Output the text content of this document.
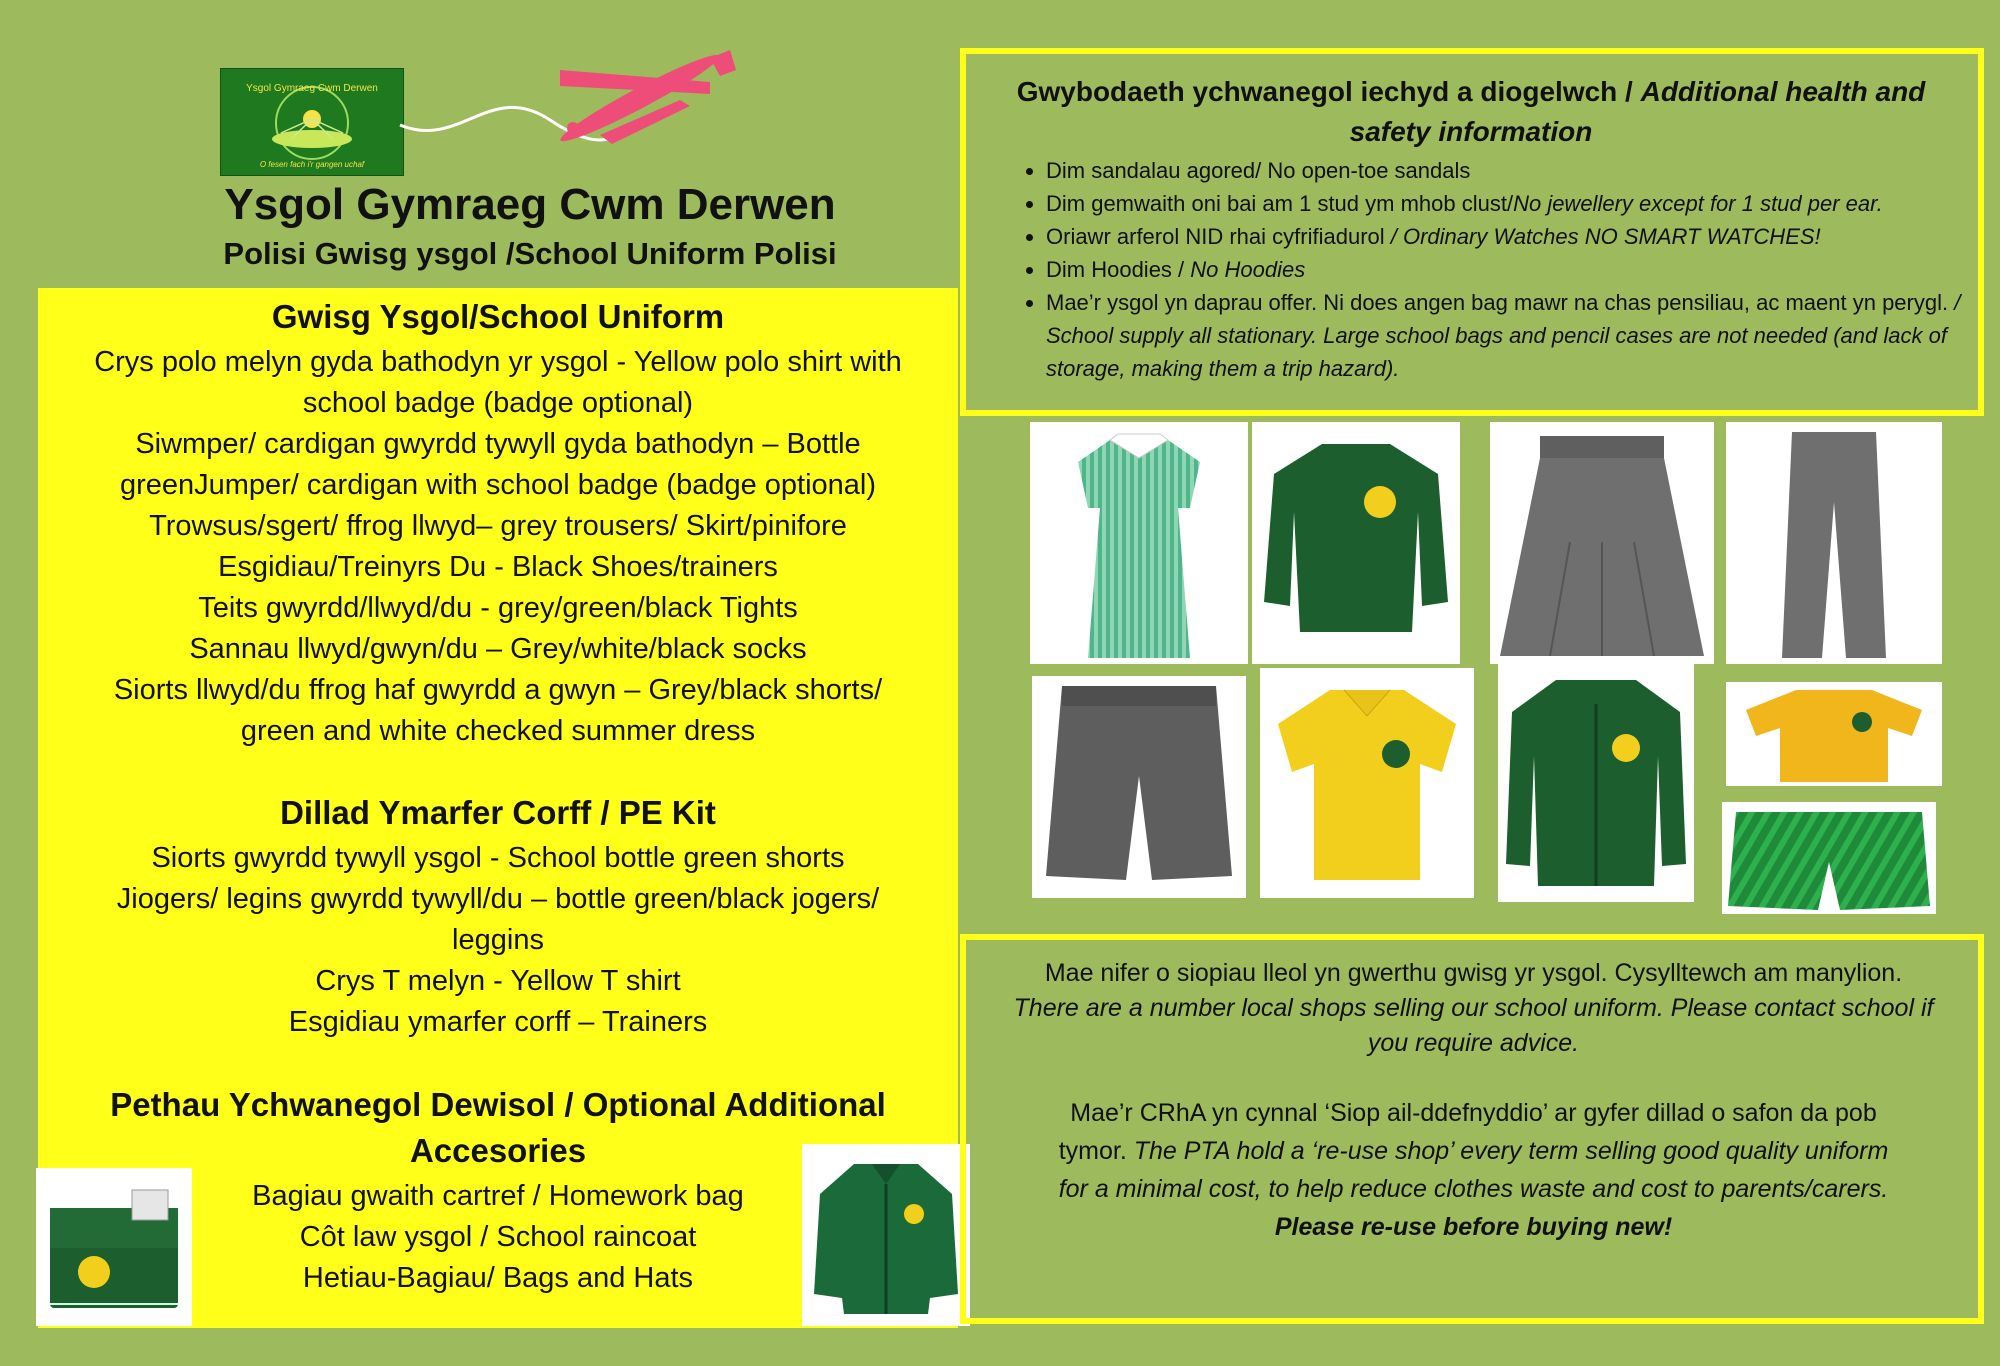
Ysgol Gymraeg Cwm Derwen
O fesen fach i'r gangen uchaf
Ysgol Gymraeg Cwm Derwen
Polisi Gwisg ysgol /School Uniform Polisi
Gwisg Ysgol/School Uniform
Crys polo melyn gyda bathodyn yr ysgol - Yellow polo shirt with
school badge (badge optional)
Siwmper/ cardigan gwyrdd tywyll gyda bathodyn – Bottle
greenJumper/ cardigan with school badge (badge optional)
Trowsus/sgert/ ffrog llwyd– grey trousers/ Skirt/pinifore
Esgidiau/Treinyrs Du - Black Shoes/trainers
Teits gwyrdd/llwyd/du - grey/green/black Tights
Sannau llwyd/gwyn/du – Grey/white/black socks
Siorts llwyd/du ffrog haf gwyrdd a gwyn – Grey/black shorts/
green and white checked summer dress
Dillad Ymarfer Corff / PE Kit
Siorts gwyrdd tywyll ysgol - School bottle green shorts
Jiogers/ legins gwyrdd tywyll/du – bottle green/black jogers/
leggins
Crys T melyn - Yellow T shirt
Esgidiau ymarfer corff – Trainers
Pethau Ychwanegol Dewisol / Optional Additional
Accesories
Bagiau gwaith cartref / Homework bag
Côt law ysgol / School raincoat
Hetiau-Bagiau/ Bags and Hats
Gwybodaeth ychwanegol iechyd a diogelwch / Additional health and
safety information
• Dim sandalau agored/ No open-toe sandals
• Dim gemwaith oni bai am 1 stud ym mhob clust/No jewellery except for 1 stud per ear.
• Oriawr arferol NID rhai cyfrifiadurol / Ordinary Watches NO SMART WATCHES!
• Dim Hoodies / No Hoodies
• Mae’r ysgol yn daprau offer. Ni does angen bag mawr na chas pensiliau, ac maent yn perygl. / School supply all stationary. Large school bags and pencil cases are not needed (and lack of storage, making them a trip hazard).
Mae nifer o siopiau lleol yn gwerthu gwisg yr ysgol. Cysylltewch am manylion.
There are a number local shops selling our school uniform. Please contact school if
you require advice.
Mae’r CRhA yn cynnal ‘Siop ail-ddefnyddio’ ar gyfer dillad o safon da pob
tymor. The PTA hold a ‘re-use shop’ every term selling good quality uniform
for a minimal cost, to help reduce clothes waste and cost to parents/carers.
Please re-use before buying new!
